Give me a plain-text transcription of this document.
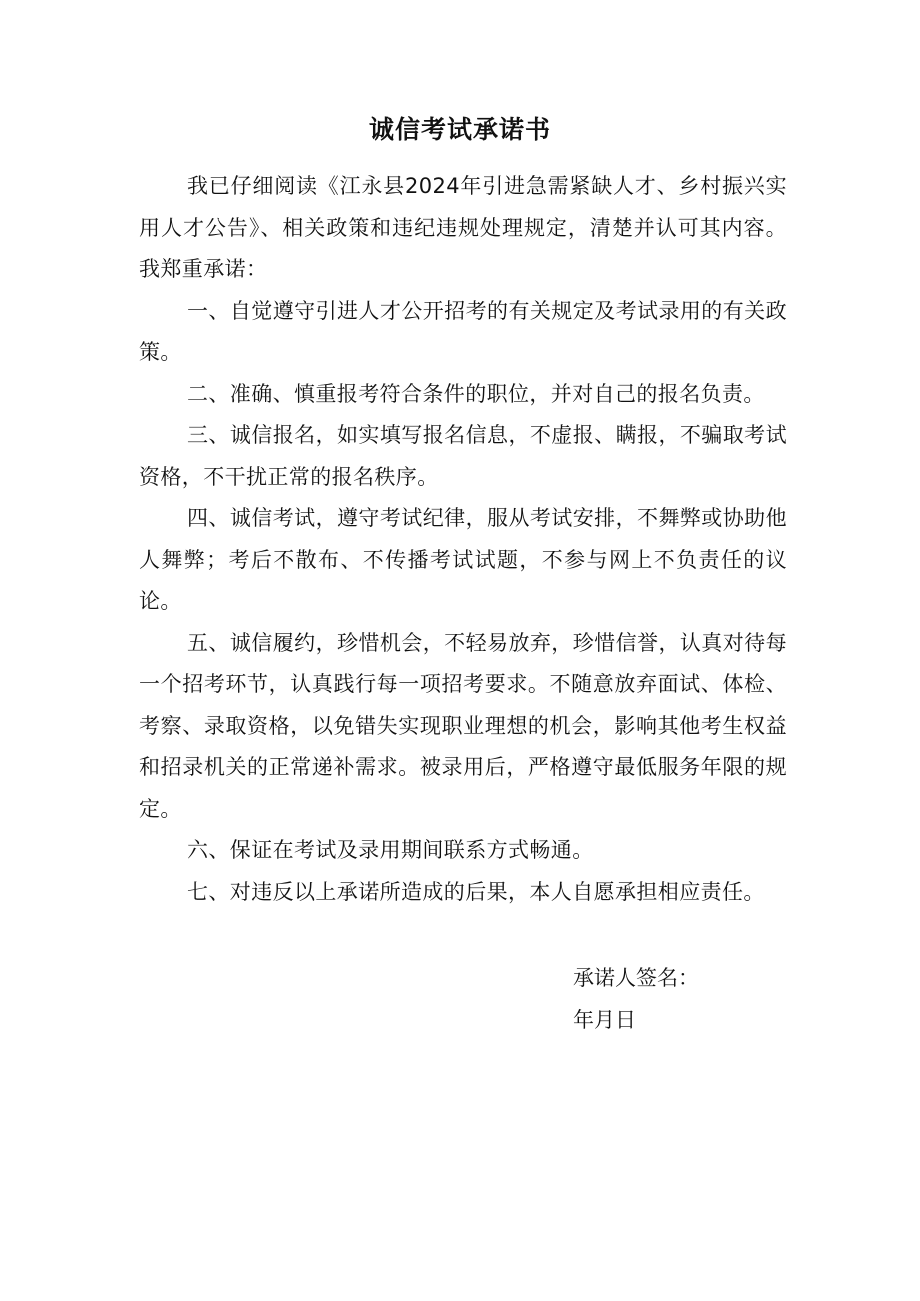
诚信考试承诺书

我已仔细阅读《江永县2024年引进急需紧缺人才、乡村振兴实用人才公告》、相关政策和违纪违规处理规定，清楚并认可其内容。我郑重承诺：

一、自觉遵守引进人才公开招考的有关规定及考试录用的有关政策。

二、准确、慎重报考符合条件的职位，并对自己的报名负责。

三、诚信报名，如实填写报名信息，不虚报、瞒报，不骗取考试资格，不干扰正常的报名秩序。

四、诚信考试，遵守考试纪律，服从考试安排，不舞弊或协助他人舞弊；考后不散布、不传播考试试题，不参与网上不负责任的议论。

五、诚信履约，珍惜机会，不轻易放弃，珍惜信誉，认真对待每一个招考环节，认真践行每一项招考要求。不随意放弃面试、体检、考察、录取资格，以免错失实现职业理想的机会，影响其他考生权益和招录机关的正常递补需求。被录用后，严格遵守最低服务年限的规定。

六、保证在考试及录用期间联系方式畅通。

七、对违反以上承诺所造成的后果，本人自愿承担相应责任。

承诺人签名：

年月日
